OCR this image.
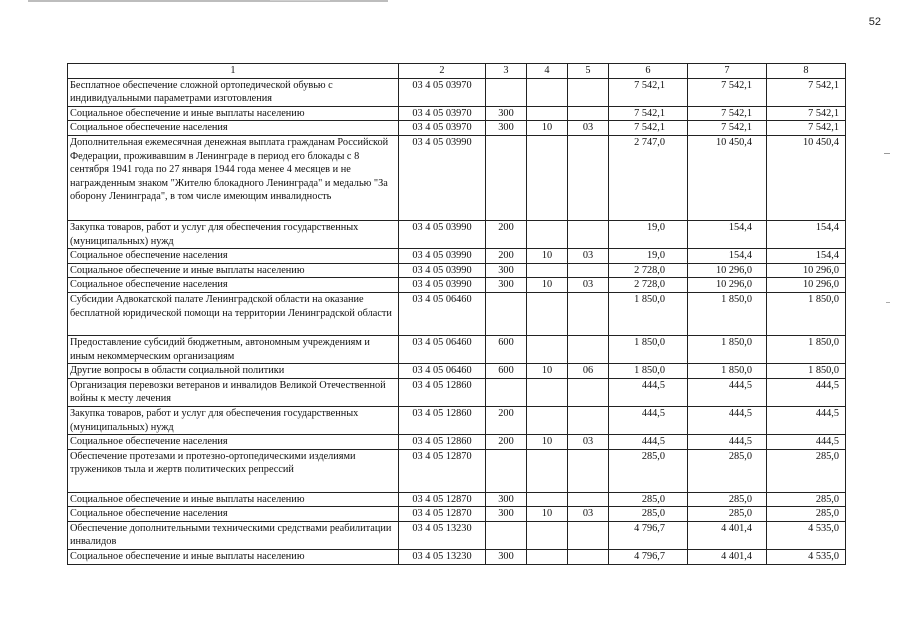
52
1	2	3	4	5	6	7	8
Бесплатное обеспечение сложной ортопедической обувью с индивидуальными параметрами изготовления	03 4 05 03970				7 542,1	7 542,1	7 542,1
Социальное обеспечение и иные выплаты населению	03 4 05 03970	300			7 542,1	7 542,1	7 542,1
Социальное обеспечение населения	03 4 05 03970	300	10	03	7 542,1	7 542,1	7 542,1
Дополнительная ежемесячная денежная выплата гражданам Российской Федерации, проживавшим в Ленинграде в период его блокады с 8 сентября 1941 года по 27 января 1944 года менее 4 месяцев и не награжденным знаком "Жителю блокадного Ленинграда" и медалью "За оборону Ленинграда", в том числе имеющим инвалидность	03 4 05 03990				2 747,0	10 450,4	10 450,4
Закупка товаров, работ и услуг для обеспечения государственных (муниципальных) нужд	03 4 05 03990	200			19,0	154,4	154,4
Социальное обеспечение населения	03 4 05 03990	200	10	03	19,0	154,4	154,4
Социальное обеспечение и иные выплаты населению	03 4 05 03990	300			2 728,0	10 296,0	10 296,0
Социальное обеспечение населения	03 4 05 03990	300	10	03	2 728,0	10 296,0	10 296,0
Субсидии Адвокатской палате Ленинградской области на оказание бесплатной юридической помощи на территории Ленинградской области	03 4 05 06460				1 850,0	1 850,0	1 850,0
Предоставление субсидий бюджетным, автономным учреждениям и иным некоммерческим организациям	03 4 05 06460	600			1 850,0	1 850,0	1 850,0
Другие вопросы в области социальной политики	03 4 05 06460	600	10	06	1 850,0	1 850,0	1 850,0
Организация перевозки ветеранов и инвалидов Великой Отечественной войны к месту лечения	03 4 05 12860				444,5	444,5	444,5
Закупка товаров, работ и услуг для обеспечения государственных (муниципальных) нужд	03 4 05 12860	200			444,5	444,5	444,5
Социальное обеспечение населения	03 4 05 12860	200	10	03	444,5	444,5	444,5
Обеспечение протезами и протезно-ортопедическими изделиями тружеников тыла и жертв политических репрессий	03 4 05 12870				285,0	285,0	285,0
Социальное обеспечение и иные выплаты населению	03 4 05 12870	300			285,0	285,0	285,0
Социальное обеспечение населения	03 4 05 12870	300	10	03	285,0	285,0	285,0
Обеспечение дополнительными техническими средствами реабилитации инвалидов	03 4 05 13230				4 796,7	4 401,4	4 535,0
Социальное обеспечение и иные выплаты населению	03 4 05 13230	300			4 796,7	4 401,4	4 535,0
